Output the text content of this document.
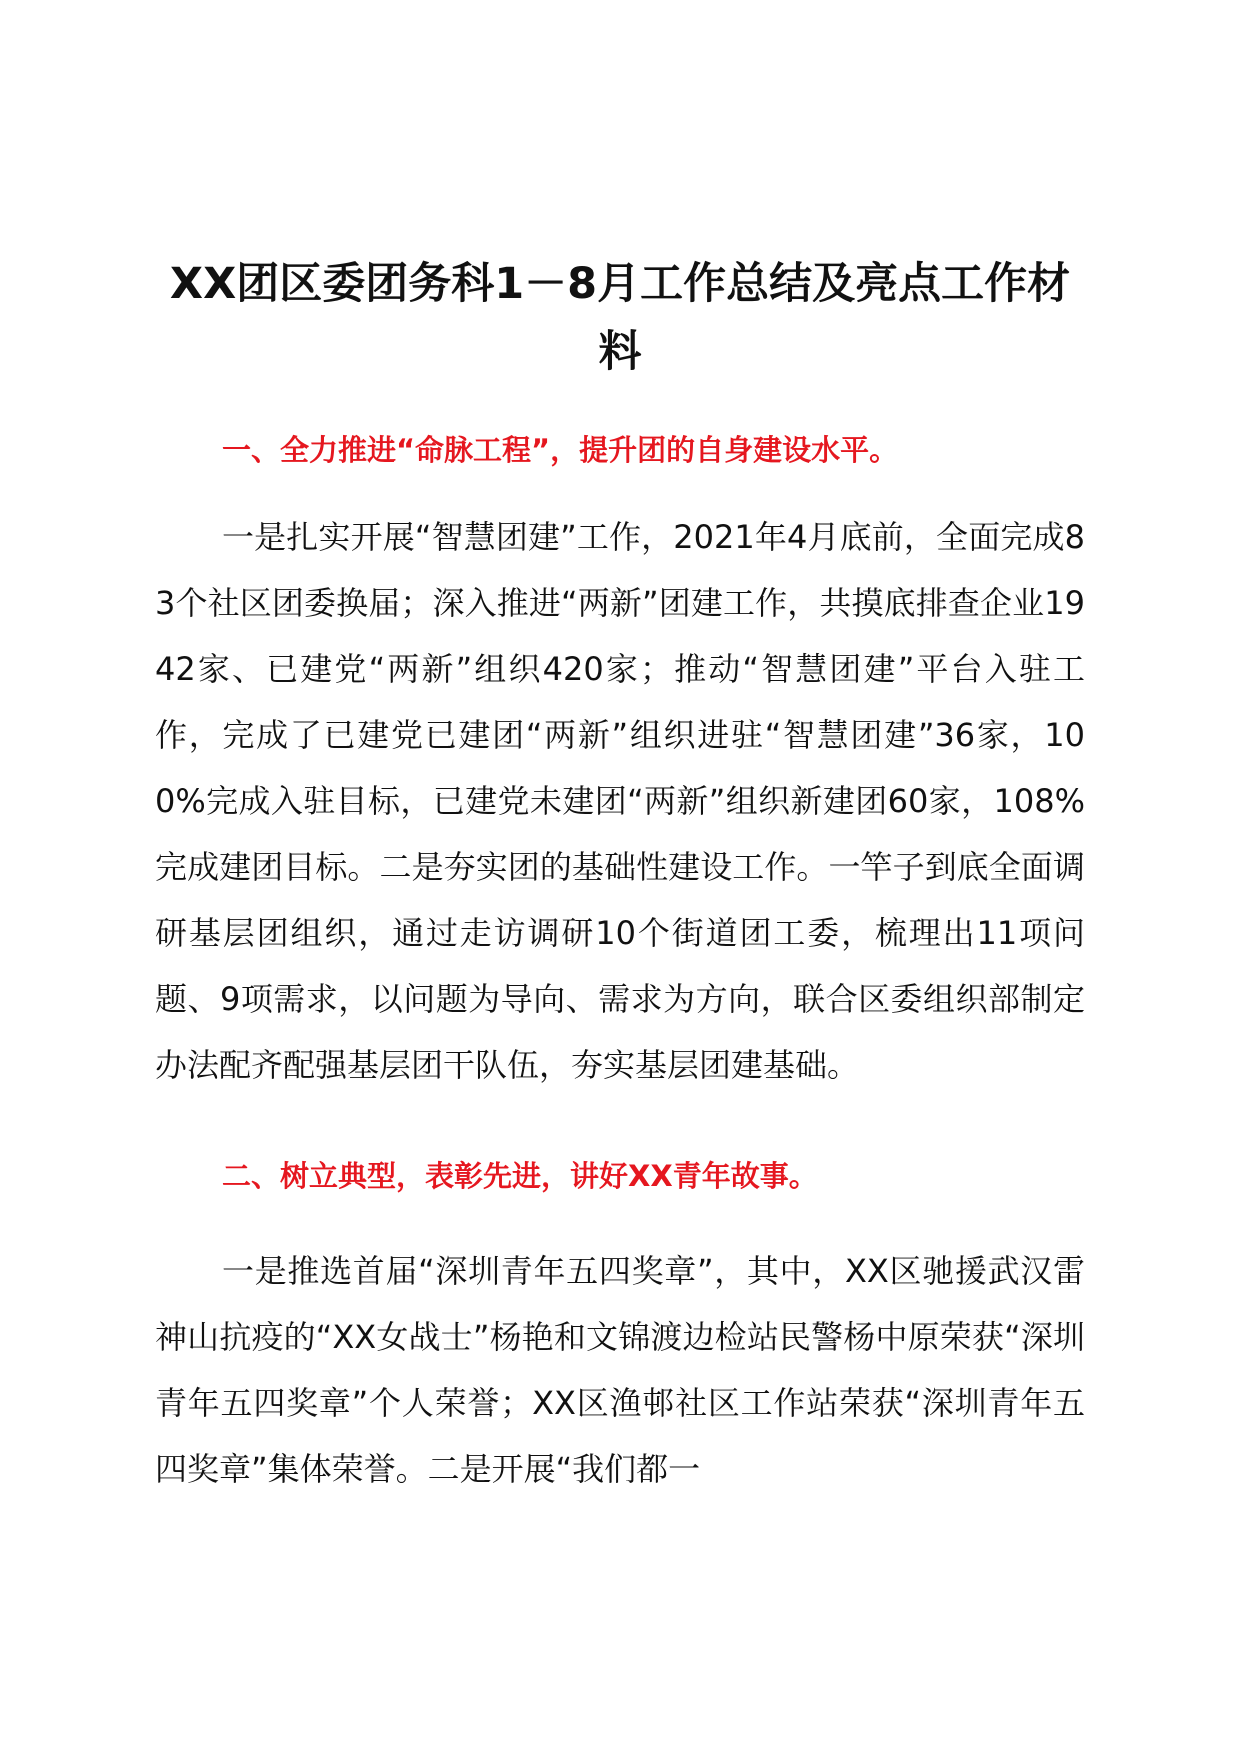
XX团区委团务科1－8月工作总结及亮点工作材料
一、全力推进“命脉工程”，提升团的自身建设水平。

一是扎实开展“智慧团建”工作，2021年4月底前，全面完成83个社区团委换届；深入推进“两新”团建工作，共摸底排查企业1942家、已建党“两新”组织420家；推动“智慧团建”平台入驻工作，完成了已建党已建团“两新”组织进驻“智慧团建”36家，100%完成入驻目标，已建党未建团“两新”组织新建团60家，108%完成建团目标。二是夯实团的基础性建设工作。一竿子到底全面调研基层团组织，通过走访调研10个街道团工委，梳理出11项问题、9项需求，以问题为导向、需求为方向，联合区委组织部制定办法配齐配强基层团干队伍，夯实基层团建基础。

二、树立典型，表彰先进，讲好XX青年故事。

一是推选首届“深圳青年五四奖章”，其中，XX区驰援武汉雷神山抗疫的“XX女战士”杨艳和文锦渡边检站民警杨中原荣获“深圳青年五四奖章”个人荣誉；XX区渔邨社区工作站荣获“深圳青年五四奖章”集体荣誉。二是开展“我们都一
